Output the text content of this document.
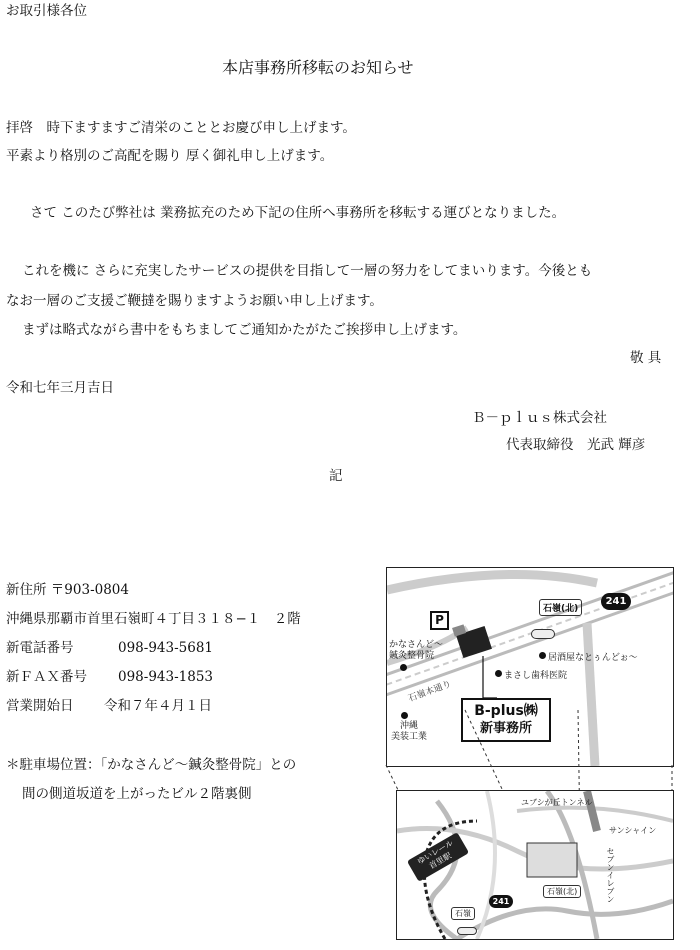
お取引様各位
本店事務所移転のお知らせ
拝啓　時下ますますご清栄のこととお慶び申し上げます。
平素より格別のご高配を賜り 厚く御礼申し上げます。
さて このたび弊社は 業務拡充のため下記の住所へ事務所を移転する運びとなりました。
これを機に さらに充実したサービスの提供を目指して一層の努力をしてまいります。今後とも
なお一層のご支援ご鞭撻を賜りますようお願い申し上げます。
まずは略式ながら書中をもちましてご通知かたがたご挨拶申し上げます。
敬 具
令和七年三月吉日
Ｂ－ｐｌｕｓ株式会社
代表取締役　光武 輝彦
記
新住所 〒903-0804
沖縄県那覇市首里石嶺町４丁目３１８−１　２階
新電話番号	098-943-5681
新ＦＡＸ番号 098-943-1853
営業開始日 令和７年４月１日
＊駐車場位置：「かなさんど～鍼灸整骨院」との
間の側道坂道を上がったビル２階裏側
241
石嶺(北)
P
かなさんど～
鍼灸整骨院	居酒屋なとぅんどぉ～
まさし歯科医院
石嶺本通り
沖縄
美装工業
B-plus㈱
新事務所
ユブシが丘トンネル
サンシャイン
セブンイレブン
ゆいレール
首里駅
石嶺(北)
石嶺
241
